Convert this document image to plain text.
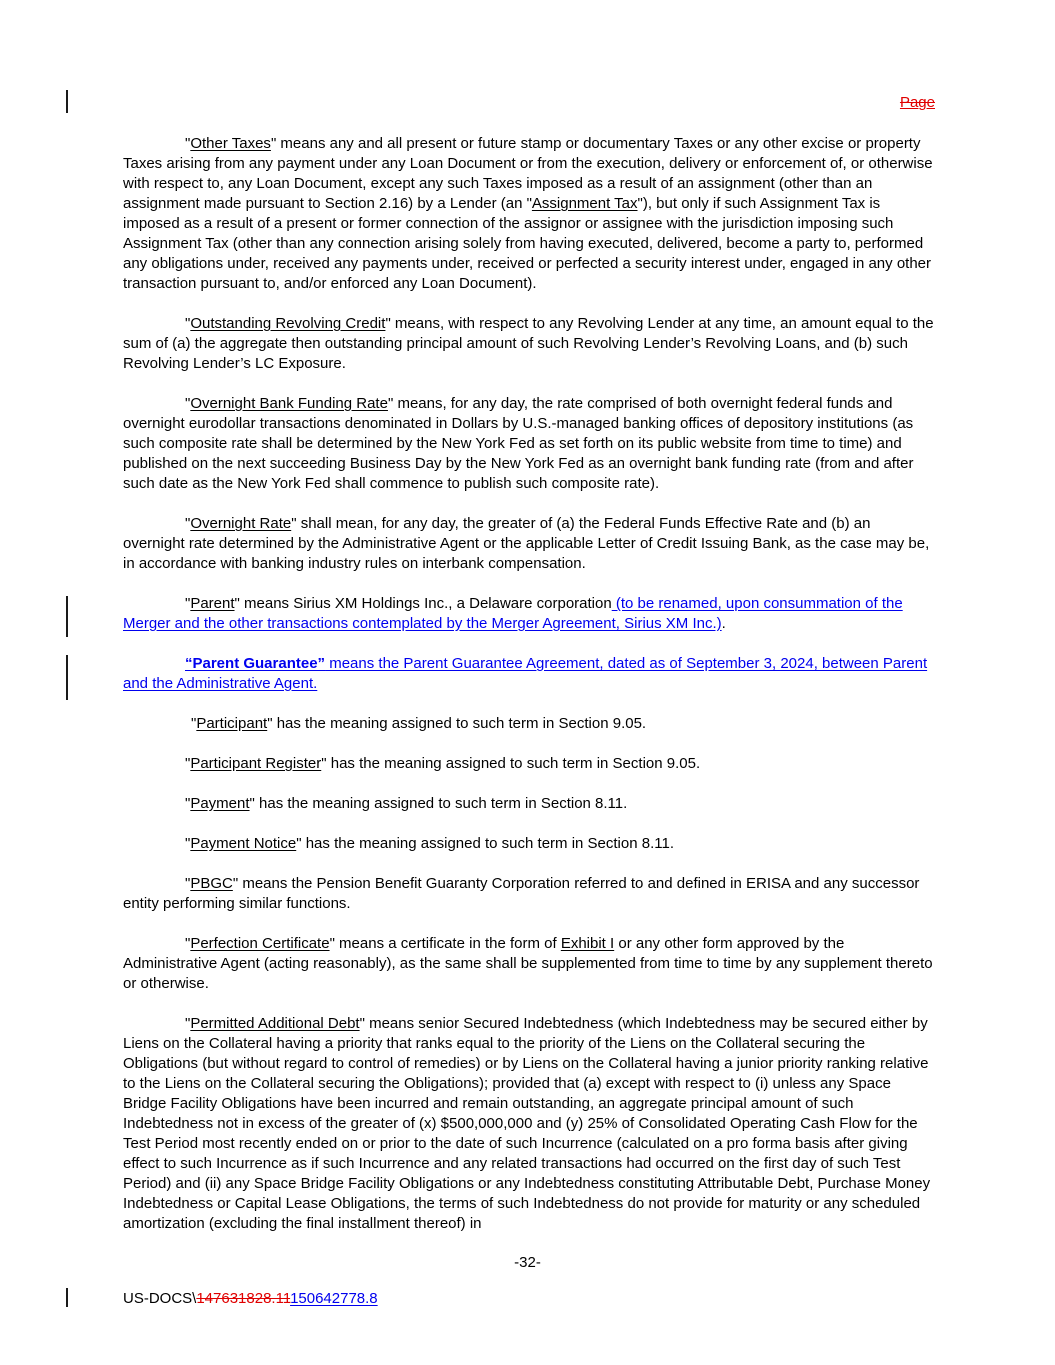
Page

"Other Taxes" means any and all present or future stamp or documentary Taxes or any other excise or property Taxes arising from any payment under any Loan Document or from the execution, delivery or enforcement of, or otherwise with respect to, any Loan Document, except any such Taxes imposed as a result of an assignment (other than an assignment made pursuant to Section 2.16) by a Lender (an "Assignment Tax"), but only if such Assignment Tax is imposed as a result of a present or former connection of the assignor or assignee with the jurisdiction imposing such Assignment Tax (other than any connection arising solely from having executed, delivered, become a party to, performed any obligations under, received any payments under, received or perfected a security interest under, engaged in any other transaction pursuant to, and/or enforced any Loan Document).

"Outstanding Revolving Credit" means, with respect to any Revolving Lender at any time, an amount equal to the sum of (a) the aggregate then outstanding principal amount of such Revolving Lender’s Revolving Loans, and (b) such Revolving Lender’s LC Exposure.

"Overnight Bank Funding Rate" means, for any day, the rate comprised of both overnight federal funds and overnight eurodollar transactions denominated in Dollars by U.S.-managed banking offices of depository institutions (as such composite rate shall be determined by the New York Fed as set forth on its public website from time to time) and published on the next succeeding Business Day by the New York Fed as an overnight bank funding rate (from and after such date as the New York Fed shall commence to publish such composite rate).

"Overnight Rate" shall mean, for any day, the greater of (a) the Federal Funds Effective Rate and (b) an overnight rate determined by the Administrative Agent or the applicable Letter of Credit Issuing Bank, as the case may be, in accordance with banking industry rules on interbank compensation.

"Parent" means Sirius XM Holdings Inc., a Delaware corporation (to be renamed, upon consummation of the Merger and the other transactions contemplated by the Merger Agreement, Sirius XM Inc.).

“Parent Guarantee” means the Parent Guarantee Agreement, dated as of September 3, 2024, between Parent and the Administrative Agent.

"Participant" has the meaning assigned to such term in Section 9.05.

"Participant Register" has the meaning assigned to such term in Section 9.05.

"Payment" has the meaning assigned to such term in Section 8.11.

"Payment Notice" has the meaning assigned to such term in Section 8.11.

"PBGC" means the Pension Benefit Guaranty Corporation referred to and defined in ERISA and any successor entity performing similar functions.

"Perfection Certificate" means a certificate in the form of Exhibit I or any other form approved by the Administrative Agent (acting reasonably), as the same shall be supplemented from time to time by any supplement thereto or otherwise.

"Permitted Additional Debt" means senior Secured Indebtedness (which Indebtedness may be secured either by Liens on the Collateral having a priority that ranks equal to the priority of the Liens on the Collateral securing the Obligations (but without regard to control of remedies) or by Liens on the Collateral having a junior priority ranking relative to the Liens on the Collateral securing the Obligations); provided that (a) except with respect to (i) unless any Space Bridge Facility Obligations have been incurred and remain outstanding, an aggregate principal amount of such Indebtedness not in excess of the greater of (x) $500,000,000 and (y) 25% of Consolidated Operating Cash Flow for the Test Period most recently ended on or prior to the date of such Incurrence (calculated on a pro forma basis after giving effect to such Incurrence as if such Incurrence and any related transactions had occurred on the first day of such Test Period) and (ii) any Space Bridge Facility Obligations or any Indebtedness constituting Attributable Debt, Purchase Money Indebtedness or Capital Lease Obligations, the terms of such Indebtedness do not provide for maturity or any scheduled amortization (excluding the final installment thereof) in

-32-
US-DOCS\147631828.11150642778.8
